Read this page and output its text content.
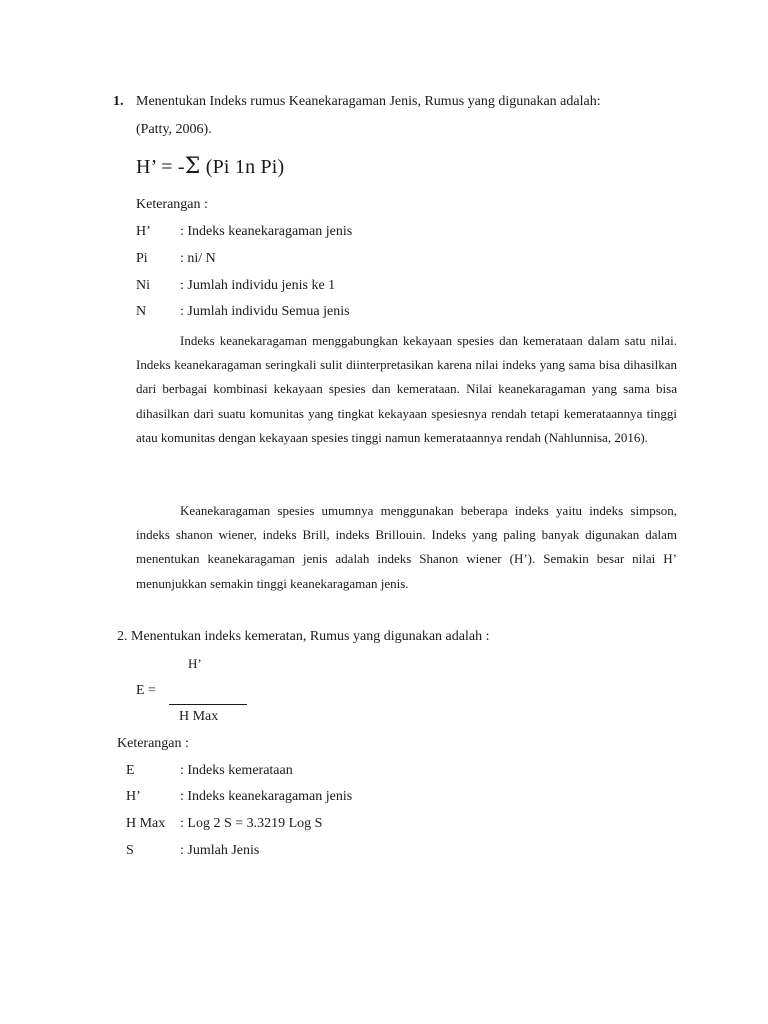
1. Menentukan Indeks rumus Keanekaragaman Jenis, Rumus yang digunakan adalah:
(Patty, 2006).
H’ = -Σ (Pi 1n Pi)
Keterangan :
H’ : Indeks keanekaragaman jenis
Pi : ni/ N
Ni : Jumlah individu jenis ke 1
N : Jumlah individu Semua jenis
Indeks keanekaragaman menggabungkan kekayaan spesies dan kemerataan dalam satu nilai. Indeks keanekaragaman seringkali sulit diinterpretasikan karena nilai indeks yang sama bisa dihasilkan dari berbagai kombinasi kekayaan spesies dan kemerataan. Nilai keanekaragaman yang sama bisa dihasilkan dari suatu komunitas yang tingkat kekayaan spesiesnya rendah tetapi kemerataannya tinggi atau komunitas dengan kekayaan spesies tinggi namun kemerataannya rendah (Nahlunnisa, 2016).
Keanekaragaman spesies umumnya menggunakan beberapa indeks yaitu indeks simpson, indeks shanon wiener, indeks Brill, indeks Brillouin. Indeks yang paling banyak digunakan dalam menentukan keanekaragaman jenis adalah indeks Shanon wiener (H’). Semakin besar nilai H’ menunjukkan semakin tinggi keanekaragaman jenis.
2. Menentukan indeks kemeratan, Rumus yang digunakan adalah :
H’
E =
H Max
Keterangan :
E	: Indeks kemerataan
H’	: Indeks keanekaragaman jenis
H Max : Log 2 S = 3.3219 Log S
S	: Jumlah Jenis
